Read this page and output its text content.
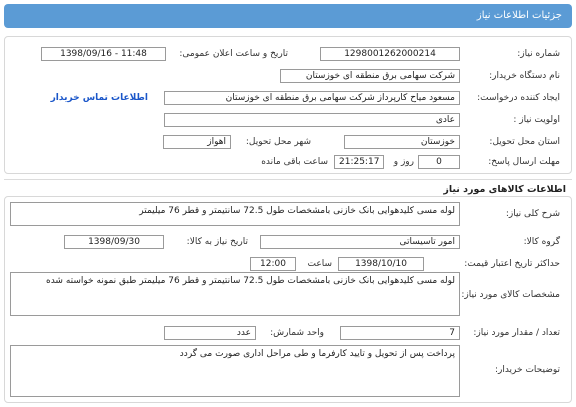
جزئیات اطلاعات نیاز
شماره نیاز:
1298001262000214
تاریخ و ساعت اعلان عمومی:
1398/09/16 - 11:48
نام دستگاه خریدار:
شرکت سهامی برق منطقه ای خوزستان
ایجاد کننده درخواست:
مسعود میاح کارپرداز شرکت سهامی برق منطقه ای خوزستان
اطلاعات تماس خریدار
اولویت نیاز :
عادی
استان محل تحویل:
خوزستان
شهر محل تحویل:
اهواز
مهلت ارسال پاسخ:
0
روز و
21:25:17
ساعت باقی مانده
اطلاعات کالاهای مورد نیاز
شرح کلی نیاز:
لوله مسی کلیدهوایی بانک خازنی بامشخصات طول 72.5 سانتیمتر و قطر 76 میلیمتر
گروه کالا:
امور تاسیساتی
تاریخ نیاز به کالا:
1398/09/30
حداکثر تاریخ اعتبار قیمت:
1398/10/10
ساعت
12:00
مشخصات کالای مورد نیاز:
لوله مسی کلیدهوایی بانک خازنی بامشخصات طول 72.5 سانتیمتر و قطر 76 میلیمتر طبق نمونه خواسته شده
تعداد / مقدار مورد نیاز:
7
واحد شمارش:
عدد
توضیحات خریدار:
پرداخت پس از تحویل و تایید کارفرما و طی مراحل اداری صورت می گردد
